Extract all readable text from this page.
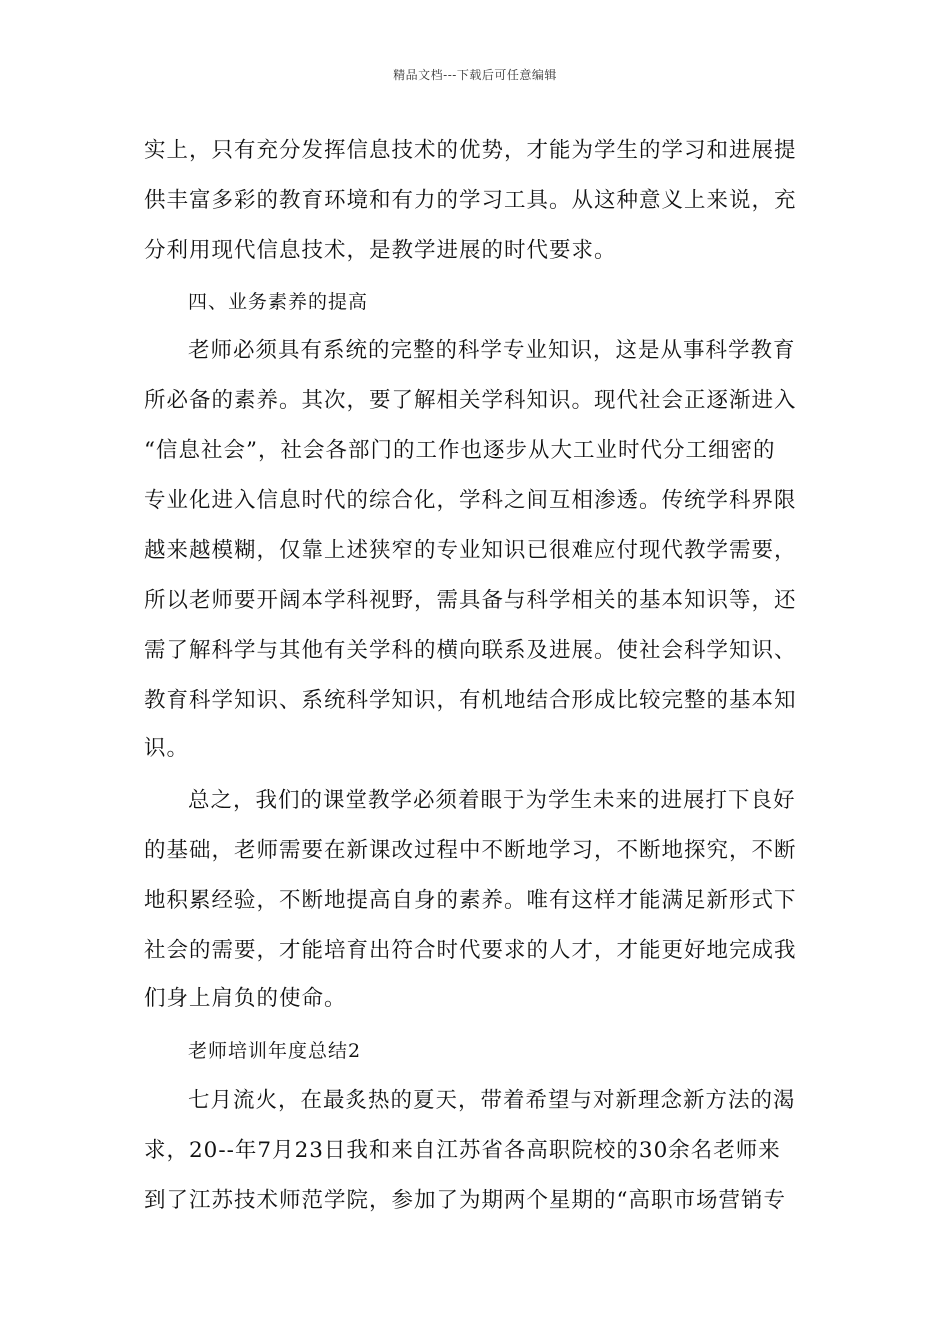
精品文档---下载后可任意编辑
实上，只有充分发挥信息技术的优势，才能为学生的学习和进展提
供丰富多彩的教育环境和有力的学习工具。从这种意义上来说，充
分利用现代信息技术，是教学进展的时代要求。
四、业务素养的提高
老师必须具有系统的完整的科学专业知识，这是从事科学教育
所必备的素养。其次，要了解相关学科知识。现代社会正逐渐进入
“信息社会”，社会各部门的工作也逐步从大工业时代分工细密的
专业化进入信息时代的综合化，学科之间互相渗透。传统学科界限
越来越模糊，仅靠上述狭窄的专业知识已很难应付现代教学需要，
所以老师要开阔本学科视野，需具备与科学相关的基本知识等，还
需了解科学与其他有关学科的横向联系及进展。使社会科学知识、
教育科学知识、系统科学知识，有机地结合形成比较完整的基本知
识。
总之，我们的课堂教学必须着眼于为学生未来的进展打下良好
的基础，老师需要在新课改过程中不断地学习，不断地探究，不断
地积累经验，不断地提高自身的素养。唯有这样才能满足新形式下
社会的需要，才能培育出符合时代要求的人才，才能更好地完成我
们身上肩负的使命。
老师培训年度总结2
七月流火，在最炙热的夏天，带着希望与对新理念新方法的渴
求，20--年7月23日我和来自江苏省各高职院校的30余名老师来
到了江苏技术师范学院，参加了为期两个星期的“高职市场营销专
